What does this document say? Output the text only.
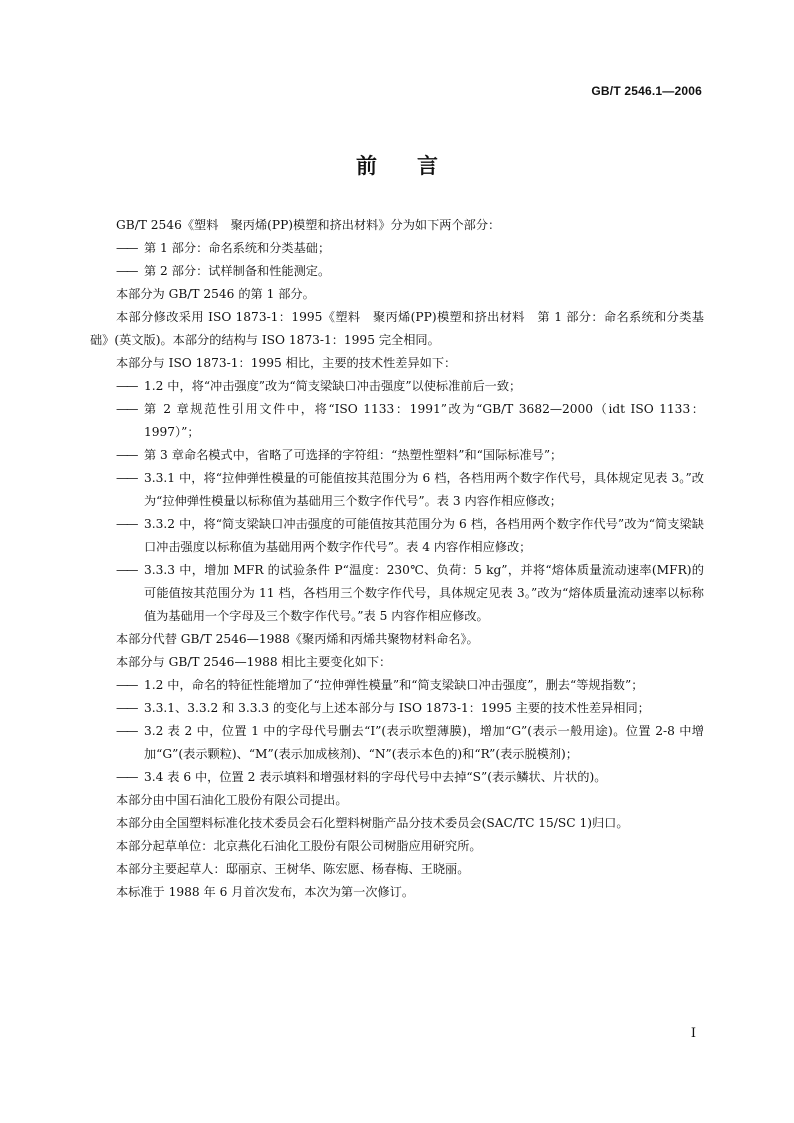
GB/T 2546.1—2006
前言
GB/T 2546《塑料　聚丙烯(PP)模塑和挤出材料》分为如下两个部分：
—— 第 1 部分：命名系统和分类基础；
—— 第 2 部分：试样制备和性能测定。
本部分为 GB/T 2546 的第 1 部分。
本部分修改采用 ISO 1873-1：1995《塑料　聚丙烯(PP)模塑和挤出材料　第 1 部分：命名系统和分类基础》(英文版)。本部分的结构与 ISO 1873-1：1995 完全相同。
本部分与 ISO 1873-1：1995 相比，主要的技术性差异如下：
—— 1.2 中，将“冲击强度”改为“简支梁缺口冲击强度”以使标准前后一致；
—— 第 2 章规范性引用文件中，将“ISO 1133：1991”改为“GB/T 3682—2000（idt ISO 1133：1997）”；
—— 第 3 章命名模式中，省略了可选择的字符组：“热塑性塑料”和“国际标准号”；
—— 3.3.1 中，将“拉伸弹性模量的可能值按其范围分为 6 档，各档用两个数字作代号，具体规定见表 3。”改为“拉伸弹性模量以标称值为基础用三个数字作代号”。表 3 内容作相应修改；
—— 3.3.2 中，将“简支梁缺口冲击强度的可能值按其范围分为 6 档，各档用两个数字作代号”改为“简支梁缺口冲击强度以标称值为基础用两个数字作代号”。表 4 内容作相应修改；
—— 3.3.3 中，增加 MFR 的试验条件 P“温度：230℃、负荷：5 kg”，并将“熔体质量流动速率(MFR)的可能值按其范围分为 11 档，各档用三个数字作代号，具体规定见表 3。”改为“熔体质量流动速率以标称值为基础用一个字母及三个数字作代号。”表 5 内容作相应修改。
本部分代替 GB/T 2546—1988《聚丙烯和丙烯共聚物材料命名》。
本部分与 GB/T 2546—1988 相比主要变化如下：
—— 1.2 中，命名的特征性能增加了“拉伸弹性模量”和“简支梁缺口冲击强度”，删去“等规指数”；
—— 3.3.1、3.3.2 和 3.3.3 的变化与上述本部分与 ISO 1873-1：1995 主要的技术性差异相同；
—— 3.2 表 2 中，位置 1 中的字母代号删去“I”(表示吹塑薄膜)，增加“G”(表示一般用途)。位置 2-8 中增加“G”(表示颗粒)、“M”(表示加成核剂)、“N”(表示本色的)和“R”(表示脱模剂)；
—— 3.4 表 6 中，位置 2 表示填料和增强材料的字母代号中去掉“S”(表示鳞状、片状的)。
本部分由中国石油化工股份有限公司提出。
本部分由全国塑料标准化技术委员会石化塑料树脂产品分技术委员会(SAC/TC 15/SC 1)归口。
本部分起草单位：北京燕化石油化工股份有限公司树脂应用研究所。
本部分主要起草人：邸丽京、王树华、陈宏愿、杨春梅、王晓丽。
本标准于 1988 年 6 月首次发布，本次为第一次修订。
I
